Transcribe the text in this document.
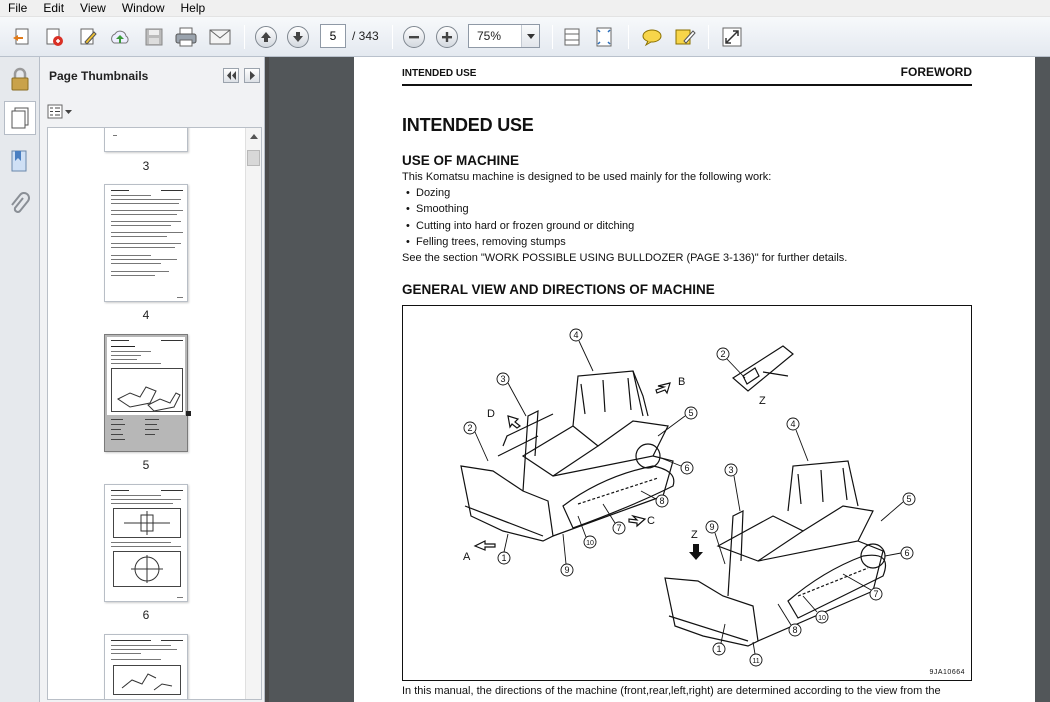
File	Edit	View	Window	Help
5	/ 343	75%
Page Thumbnails
3
4
5
6
INTENDED USE	FOREWORD
INTENDED USE
USE OF MACHINE
This Komatsu machine is designed to be used mainly for the following work:
• Dozing
• Smoothing
• Cutting into hard or frozen ground or ditching
• Felling trees, removing stumps
See the section "WORK POSSIBLE USING BULLDOZER (PAGE 3-136)" for further details.
GENERAL VIEW AND DIRECTIONS OF MACHINE
1
2
3
4
5
6
7
8
9
10
1
3
4
5
6
7
8
9
10
11
2
A
B
C
D
Z
Z
9JA10664
In this manual, the directions of the machine (front,rear,left,right) are determined according to the view from the
